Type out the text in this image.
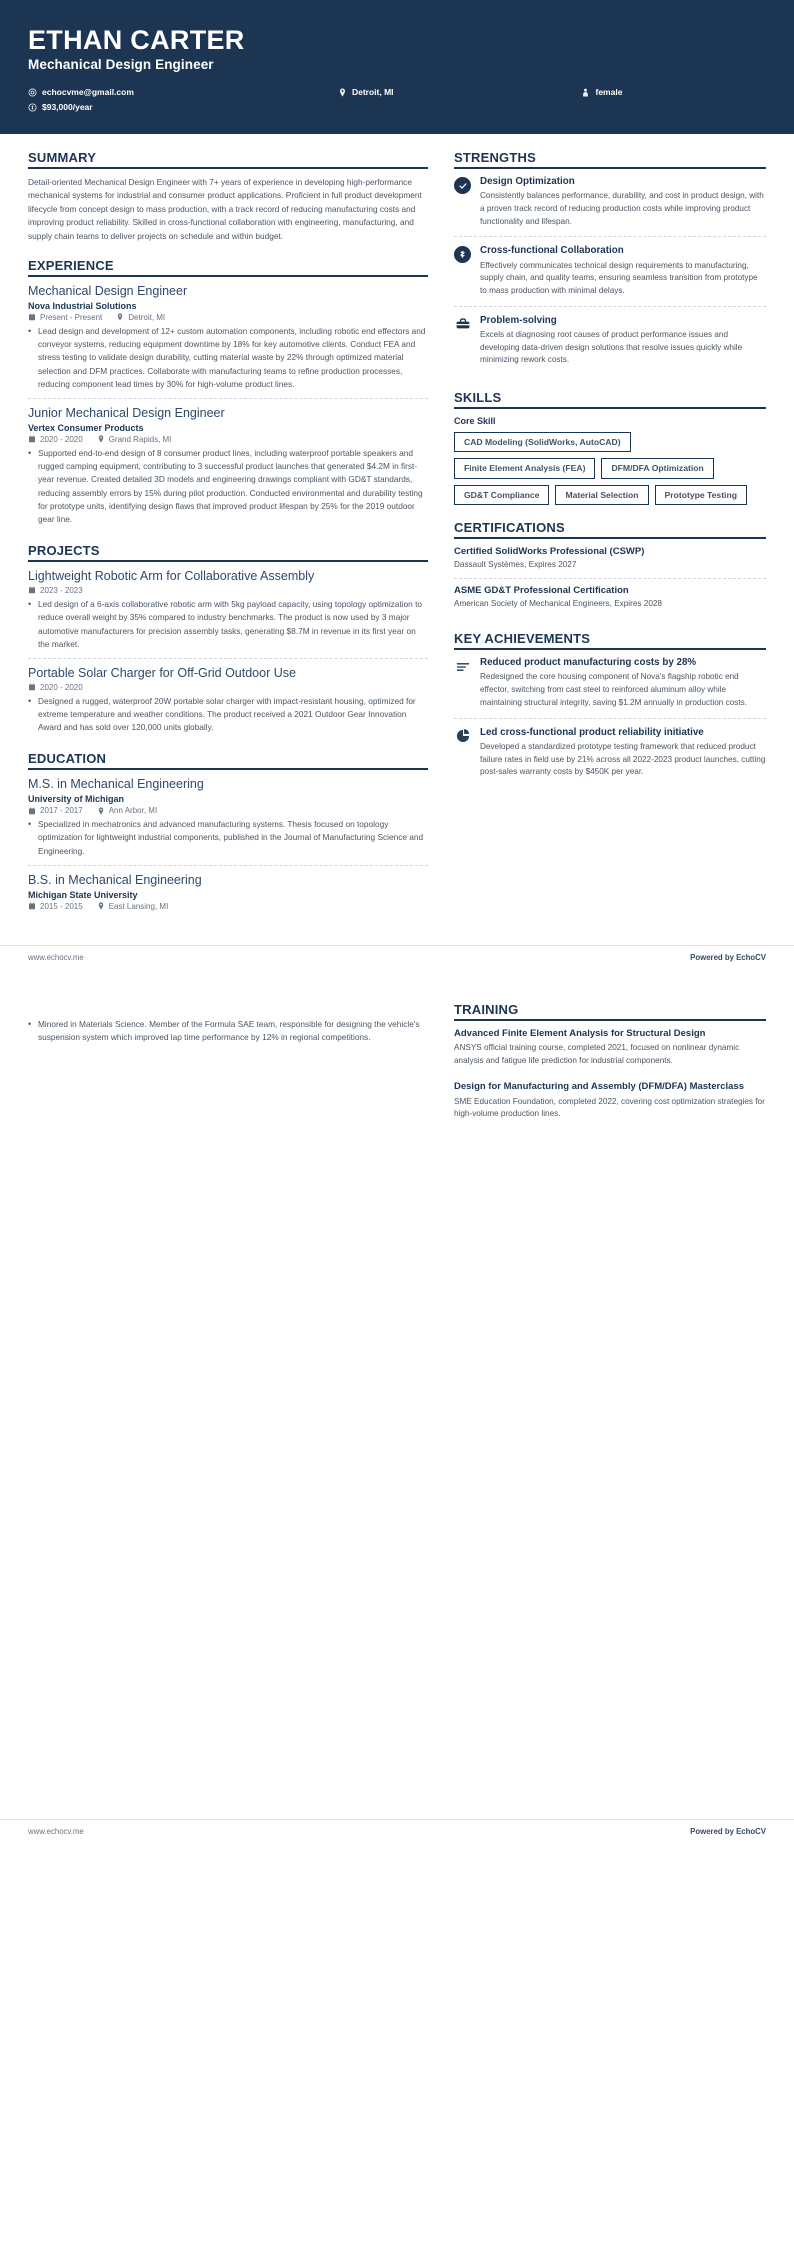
ETHAN CARTER
Mechanical Design Engineer
echocvme@gmail.com	Detroit, MI	female
$93,000/year
SUMMARY
Detail-oriented Mechanical Design Engineer with 7+ years of experience in developing high-performance mechanical systems for industrial and consumer product applications. Proficient in full product development lifecycle from concept design to mass production, with a track record of reducing manufacturing costs and improving product reliability. Skilled in cross-functional collaboration with engineering, manufacturing, and supply chain teams to deliver projects on schedule and within budget.
EXPERIENCE
Mechanical Design Engineer
Nova Industrial Solutions
Present - Present	Detroit, MI
• Lead design and development of 12+ custom automation components, including robotic end effectors and conveyor systems, reducing equipment downtime by 18% for key automotive clients. Conduct FEA and stress testing to validate design durability, cutting material waste by 22% through optimized material selection and DFM practices. Collaborate with manufacturing teams to refine production processes, reducing component lead times by 30% for high-volume product lines.
Junior Mechanical Design Engineer
Vertex Consumer Products
2020 - 2020	Grand Rapids, MI
• Supported end-to-end design of 8 consumer product lines, including waterproof portable speakers and rugged camping equipment, contributing to 3 successful product launches that generated $4.2M in first-year revenue. Created detailed 3D models and engineering drawings compliant with GD&T standards, reducing assembly errors by 15% during pilot production. Conducted environmental and durability testing for prototype units, identifying design flaws that improved product lifespan by 25% for the 2019 outdoor gear line.
PROJECTS
Lightweight Robotic Arm for Collaborative Assembly
2023 - 2023
• Led design of a 6-axis collaborative robotic arm with 5kg payload capacity, using topology optimization to reduce overall weight by 35% compared to industry benchmarks. The product is now used by 3 major automotive manufacturers for precision assembly tasks, generating $8.7M in revenue in its first year on the market.
Portable Solar Charger for Off-Grid Outdoor Use
2020 - 2020
• Designed a rugged, waterproof 20W portable solar charger with impact-resistant housing, optimized for extreme temperature and weather conditions. The product received a 2021 Outdoor Gear Innovation Award and has sold over 120,000 units globally.
EDUCATION
M.S. in Mechanical Engineering
University of Michigan
2017 - 2017	Ann Arbor, MI
• Specialized in mechatronics and advanced manufacturing systems. Thesis focused on topology optimization for lightweight industrial components, published in the Journal of Manufacturing Science and Engineering.
B.S. in Mechanical Engineering
Michigan State University
2015 - 2015	East Lansing, MI
STRENGTHS
Design Optimization
Consistently balances performance, durability, and cost in product design, with a proven track record of reducing production costs while improving product functionality and lifespan.
Cross-functional Collaboration
Effectively communicates technical design requirements to manufacturing, supply chain, and quality teams, ensuring seamless transition from prototype to mass production with minimal delays.
Problem-solving
Excels at diagnosing root causes of product performance issues and developing data-driven design solutions that resolve issues quickly while minimizing rework costs.
SKILLS
Core Skill
CAD Modeling (SolidWorks, AutoCAD)
Finite Element Analysis (FEA)	DFM/DFA Optimization
GD&T Compliance	Material Selection	Prototype Testing
CERTIFICATIONS
Certified SolidWorks Professional (CSWP)
Dassault Systèmes, Expires 2027
ASME GD&T Professional Certification
American Society of Mechanical Engineers, Expires 2028
KEY ACHIEVEMENTS
Reduced product manufacturing costs by 28%
Redesigned the core housing component of Nova's flagship robotic end effector, switching from cast steel to reinforced aluminum alloy while maintaining structural integrity, saving $1.2M annually in production costs.
Led cross-functional product reliability initiative
Developed a standardized prototype testing framework that reduced product failure rates in field use by 21% across all 2022-2023 product launches, cutting post-sales warranty costs by $450K per year.
www.echocv.me	Powered by EchoCV
• Minored in Materials Science. Member of the Formula SAE team, responsible for designing the vehicle's suspension system which improved lap time performance by 12% in regional competitions.
TRAINING
Advanced Finite Element Analysis for Structural Design
ANSYS official training course, completed 2021, focused on nonlinear dynamic analysis and fatigue life prediction for industrial components.
Design for Manufacturing and Assembly (DFM/DFA) Masterclass
SME Education Foundation, completed 2022, covering cost optimization strategies for high-volume production lines.
www.echocv.me	Powered by EchoCV
